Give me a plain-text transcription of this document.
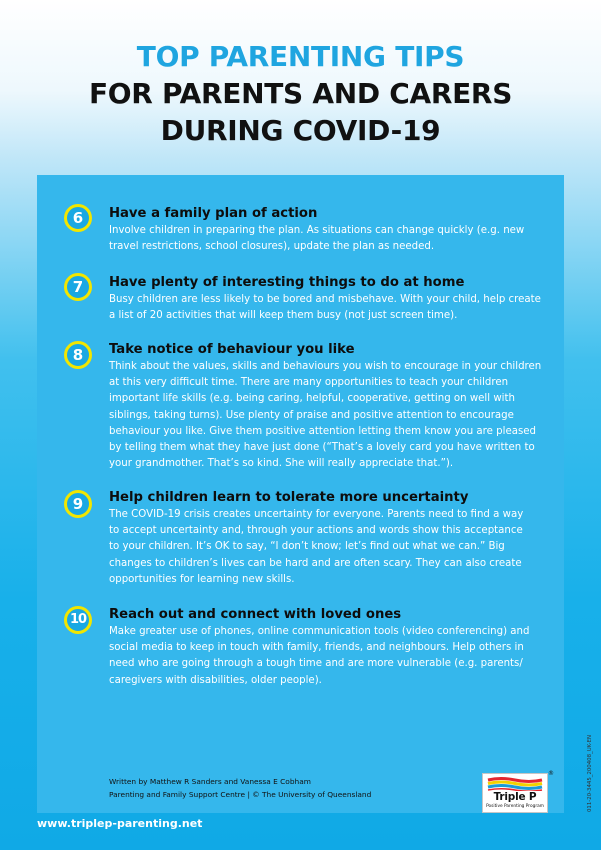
TOP PARENTING TIPS
FOR PARENTS AND CARERS
DURING COVID-19
6	Have a family plan of action
Involve children in preparing the plan. As situations can change quickly (e.g. new
travel restrictions, school closures), update the plan as needed.
7	Have plenty of interesting things to do at home
Busy children are less likely to be bored and misbehave. With your child, help create
a list of 20 activities that will keep them busy (not just screen time).
8	Take notice of behaviour you like
Think about the values, skills and behaviours you wish to encourage in your children
at this very difficult time. There are many opportunities to teach your children
important life skills (e.g. being caring, helpful, cooperative, getting on well with
siblings, taking turns). Use plenty of praise and positive attention to encourage
behaviour you like. Give them positive attention letting them know you are pleased
by telling them what they have just done (“That’s a lovely card you have written to
your grandmother. That’s so kind. She will really appreciate that.”).
9	Help children learn to tolerate more uncertainty
The COVID-19 crisis creates uncertainty for everyone. Parents need to find a way
to accept uncertainty and, through your actions and words show this acceptance
to your children. It’s OK to say, “I don’t know; let’s find out what we can.” Big
changes to children’s lives can be hard and are often scary. They can also create
opportunities for learning new skills.
10	Reach out and connect with loved ones
Make greater use of phones, online communication tools (video conferencing) and
social media to keep in touch with family, friends, and neighbours. Help others in
need who are going through a tough time and are more vulnerable (e.g. parents/
caregivers with disabilities, older people).
Written by Matthew R Sanders and Vanessa E Cobham
Parenting and Family Support Centre | © The University of Queensland	Triple P
Positive Parenting Program
®	011-20-3445_200408_UK-EN
www.triplep-parenting.net
